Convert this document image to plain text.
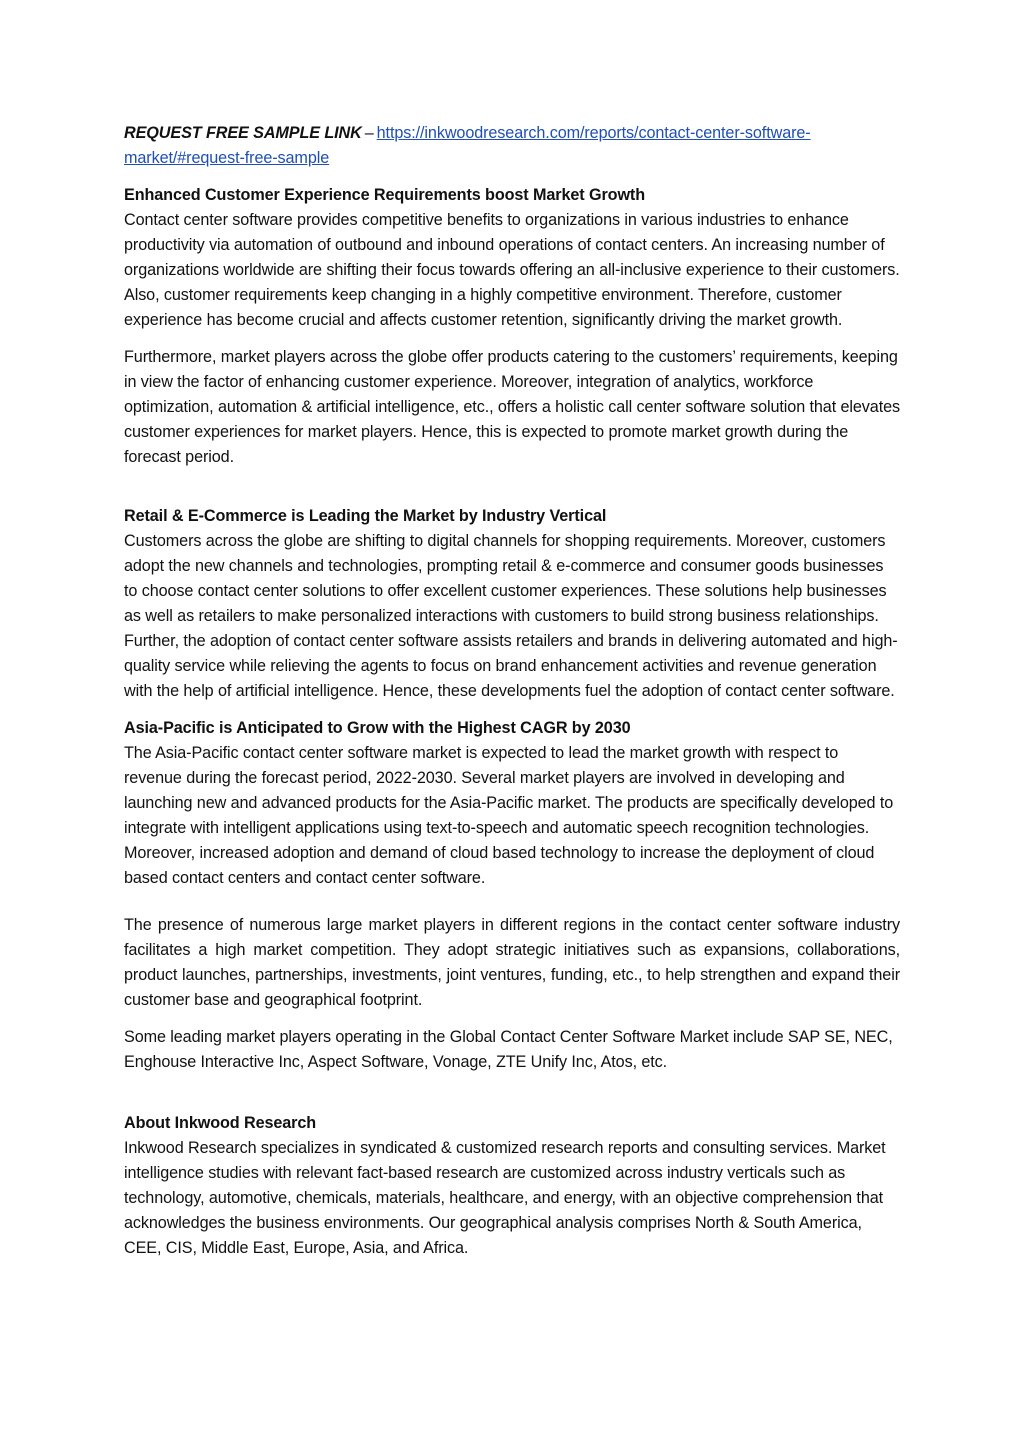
REQUEST FREE SAMPLE LINK – https://inkwoodresearch.com/reports/contact-center-software-market/#request-free-sample

Enhanced Customer Experience Requirements boost Market Growth

Contact center software provides competitive benefits to organizations in various industries to enhance productivity via automation of outbound and inbound operations of contact centers. An increasing number of organizations worldwide are shifting their focus towards offering an all-inclusive experience to their customers. Also, customer requirements keep changing in a highly competitive environment. Therefore, customer experience has become crucial and affects customer retention, significantly driving the market growth.

Furthermore, market players across the globe offer products catering to the customers’ requirements, keeping in view the factor of enhancing customer experience. Moreover, integration of analytics, workforce optimization, automation & artificial intelligence, etc., offers a holistic call center software solution that elevates customer experiences for market players. Hence, this is expected to promote market growth during the forecast period.

Retail & E-Commerce is Leading the Market by Industry Vertical

Customers across the globe are shifting to digital channels for shopping requirements. Moreover, customers adopt the new channels and technologies, prompting retail & e-commerce and consumer goods businesses to choose contact center solutions to offer excellent customer experiences. These solutions help businesses as well as retailers to make personalized interactions with customers to build strong business relationships. Further, the adoption of contact center software assists retailers and brands in delivering automated and high-quality service while relieving the agents to focus on brand enhancement activities and revenue generation with the help of artificial intelligence. Hence, these developments fuel the adoption of contact center software.

Asia-Pacific is Anticipated to Grow with the Highest CAGR by 2030

The Asia-Pacific contact center software market is expected to lead the market growth with respect to revenue during the forecast period, 2022-2030. Several market players are involved in developing and launching new and advanced products for the Asia-Pacific market. The products are specifically developed to integrate with intelligent applications using text-to-speech and automatic speech recognition technologies. Moreover, increased adoption and demand of cloud based technology to increase the deployment of cloud based contact centers and contact center software.

The presence of numerous large market players in different regions in the contact center software industry facilitates a high market competition. They adopt strategic initiatives such as expansions, collaborations, product launches, partnerships, investments, joint ventures, funding, etc., to help strengthen and expand their customer base and geographical footprint.

Some leading market players operating in the Global Contact Center Software Market include SAP SE, NEC, Enghouse Interactive Inc, Aspect Software, Vonage, ZTE Unify Inc, Atos, etc.

About Inkwood Research

Inkwood Research specializes in syndicated & customized research reports and consulting services. Market intelligence studies with relevant fact-based research are customized across industry verticals such as technology, automotive, chemicals, materials, healthcare, and energy, with an objective comprehension that acknowledges the business environments. Our geographical analysis comprises North & South America, CEE, CIS, Middle East, Europe, Asia, and Africa.
